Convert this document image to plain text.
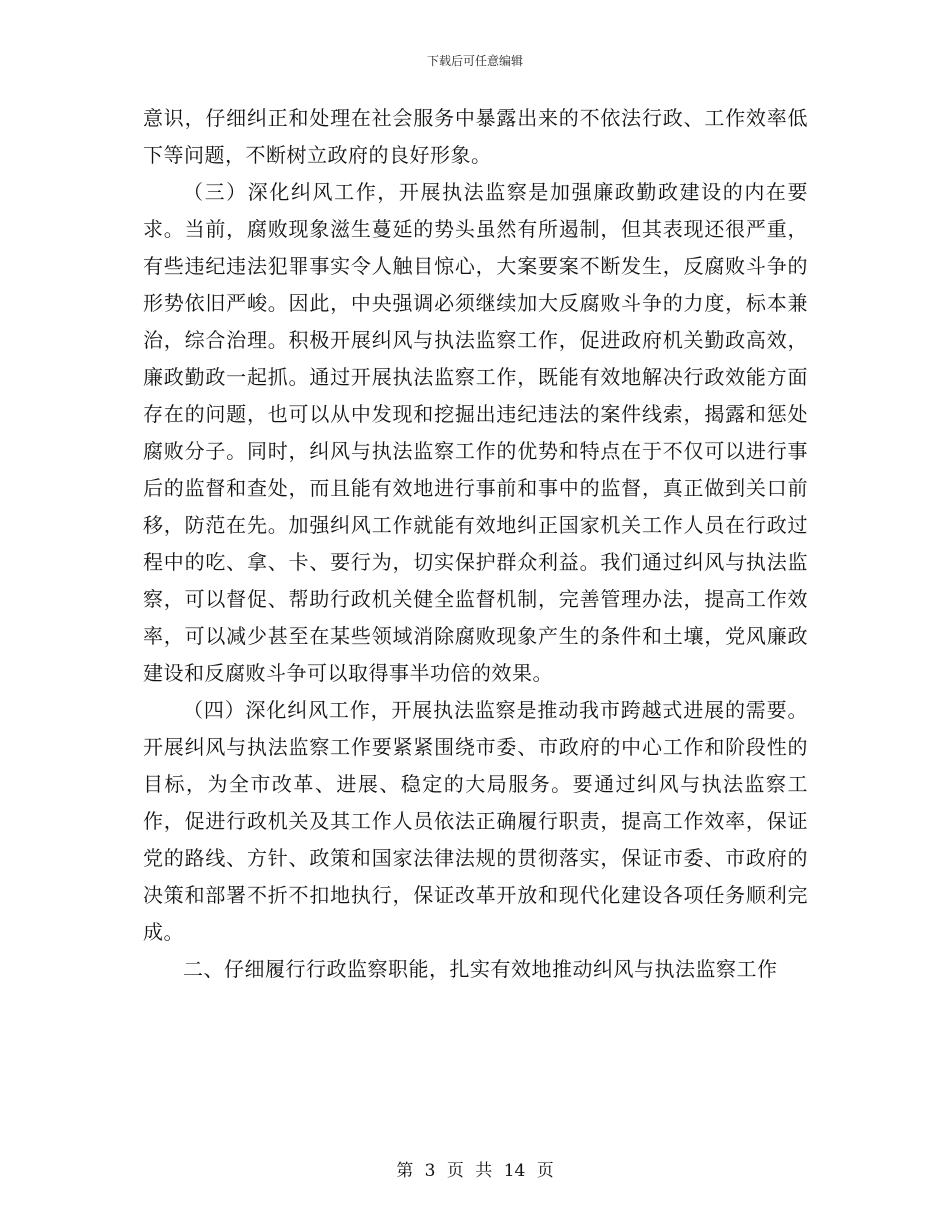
下载后可任意编辑

意识，仔细纠正和处理在社会服务中暴露出来的不依法行政、工作效率低下等问题，不断树立政府的良好形象。

（三）深化纠风工作，开展执法监察是加强廉政勤政建设的内在要求。当前，腐败现象滋生蔓延的势头虽然有所遏制，但其表现还很严重，有些违纪违法犯罪事实令人触目惊心，大案要案不断发生，反腐败斗争的形势依旧严峻。因此，中央强调必须继续加大反腐败斗争的力度，标本兼治，综合治理。积极开展纠风与执法监察工作，促进政府机关勤政高效，廉政勤政一起抓。通过开展执法监察工作，既能有效地解决行政效能方面存在的问题，也可以从中发现和挖掘出违纪违法的案件线索，揭露和惩处腐败分子。同时，纠风与执法监察工作的优势和特点在于不仅可以进行事后的监督和查处，而且能有效地进行事前和事中的监督，真正做到关口前移，防范在先。加强纠风工作就能有效地纠正国家机关工作人员在行政过程中的吃、拿、卡、要行为，切实保护群众利益。我们通过纠风与执法监察，可以督促、帮助行政机关健全监督机制，完善管理办法，提高工作效率，可以减少甚至在某些领域消除腐败现象产生的条件和土壤，党风廉政建设和反腐败斗争可以取得事半功倍的效果。

（四）深化纠风工作，开展执法监察是推动我市跨越式进展的需要。开展纠风与执法监察工作要紧紧围绕市委、市政府的中心工作和阶段性的目标，为全市改革、进展、稳定的大局服务。要通过纠风与执法监察工作，促进行政机关及其工作人员依法正确履行职责，提高工作效率，保证党的路线、方针、政策和国家法律法规的贯彻落实，保证市委、市政府的决策和部署不折不扣地执行，保证改革开放和现代化建设各项任务顺利完成。

二、仔细履行行政监察职能，扎实有效地推动纠风与执法监察工作

第 3 页 共 14 页
